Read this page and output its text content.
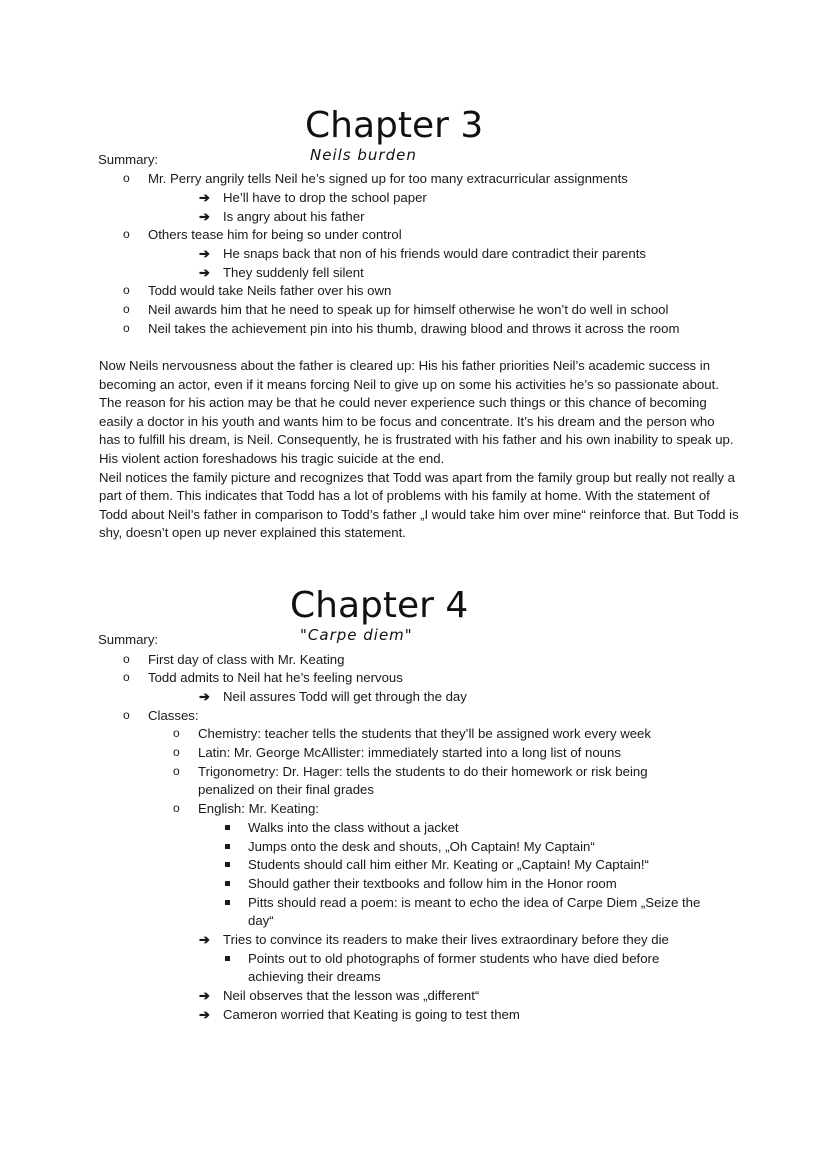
Chapter 3
Neils burden
Summary:
o Mr. Perry angrily tells Neil he’s signed up for too many extracurricular assignments
➔ He’ll have to drop the school paper
➔ Is angry about his father
o Others tease him for being so under control
➔ He snaps back that non of his friends would dare contradict their parents
➔ They suddenly fell silent
o Todd would take Neils father over his own
o Neil awards him that he need to speak up for himself otherwise he won’t do well in school
o Neil takes the achievement pin into his thumb, drawing blood and throws it across the room

Now Neils nervousness about the father is cleared up: His his father priorities Neil’s academic success in becoming an actor, even if it means forcing Neil to give up on some his activities he’s so passionate about. The reason for his action may be that he could never experience such things or this chance of becoming easily a doctor in his youth and wants him to be focus and concentrate. It’s his dream and the person who has to fulfill his dream, is Neil. Consequently, he is frustrated with his father and his own inability to speak up. His violent action foreshadows his tragic suicide at the end.

Neil notices the family picture and recognizes that Todd was apart from the family group but really not really a part of them. This indicates that Todd has a lot of problems with his family at home. With the statement of Todd about Neil’s father in comparison to Todd’s father „I would take him over mine“ reinforce that. But Todd is shy, doesn’t open up never explained this statement.

Chapter 4
"Carpe diem"
Summary:
o First day of class with Mr. Keating
o Todd admits to Neil hat he’s feeling nervous
➔ Neil assures Todd will get through the day
o Classes:
o Chemistry: teacher tells the students that they’ll be assigned work every week
o Latin: Mr. George McAllister: immediately started into a long list of nouns
o Trigonometry: Dr. Hager: tells the students to do their homework or risk being
penalized on their final grades
o English: Mr. Keating:
Walks into the class without a jacket
Jumps onto the desk and shouts, „Oh Captain! My Captain“
Students should call him either Mr. Keating or „Captain! My Captain!“
Should gather their textbooks and follow him in the Honor room
Pitts should read a poem: is meant to echo the idea of Carpe Diem „Seize the
day“
➔ Tries to convince its readers to make their lives extraordinary before they die
Points out to old photographs of former students who have died before
achieving their dreams
➔ Neil observes that the lesson was „different“
➔ Cameron worried that Keating is going to test them
